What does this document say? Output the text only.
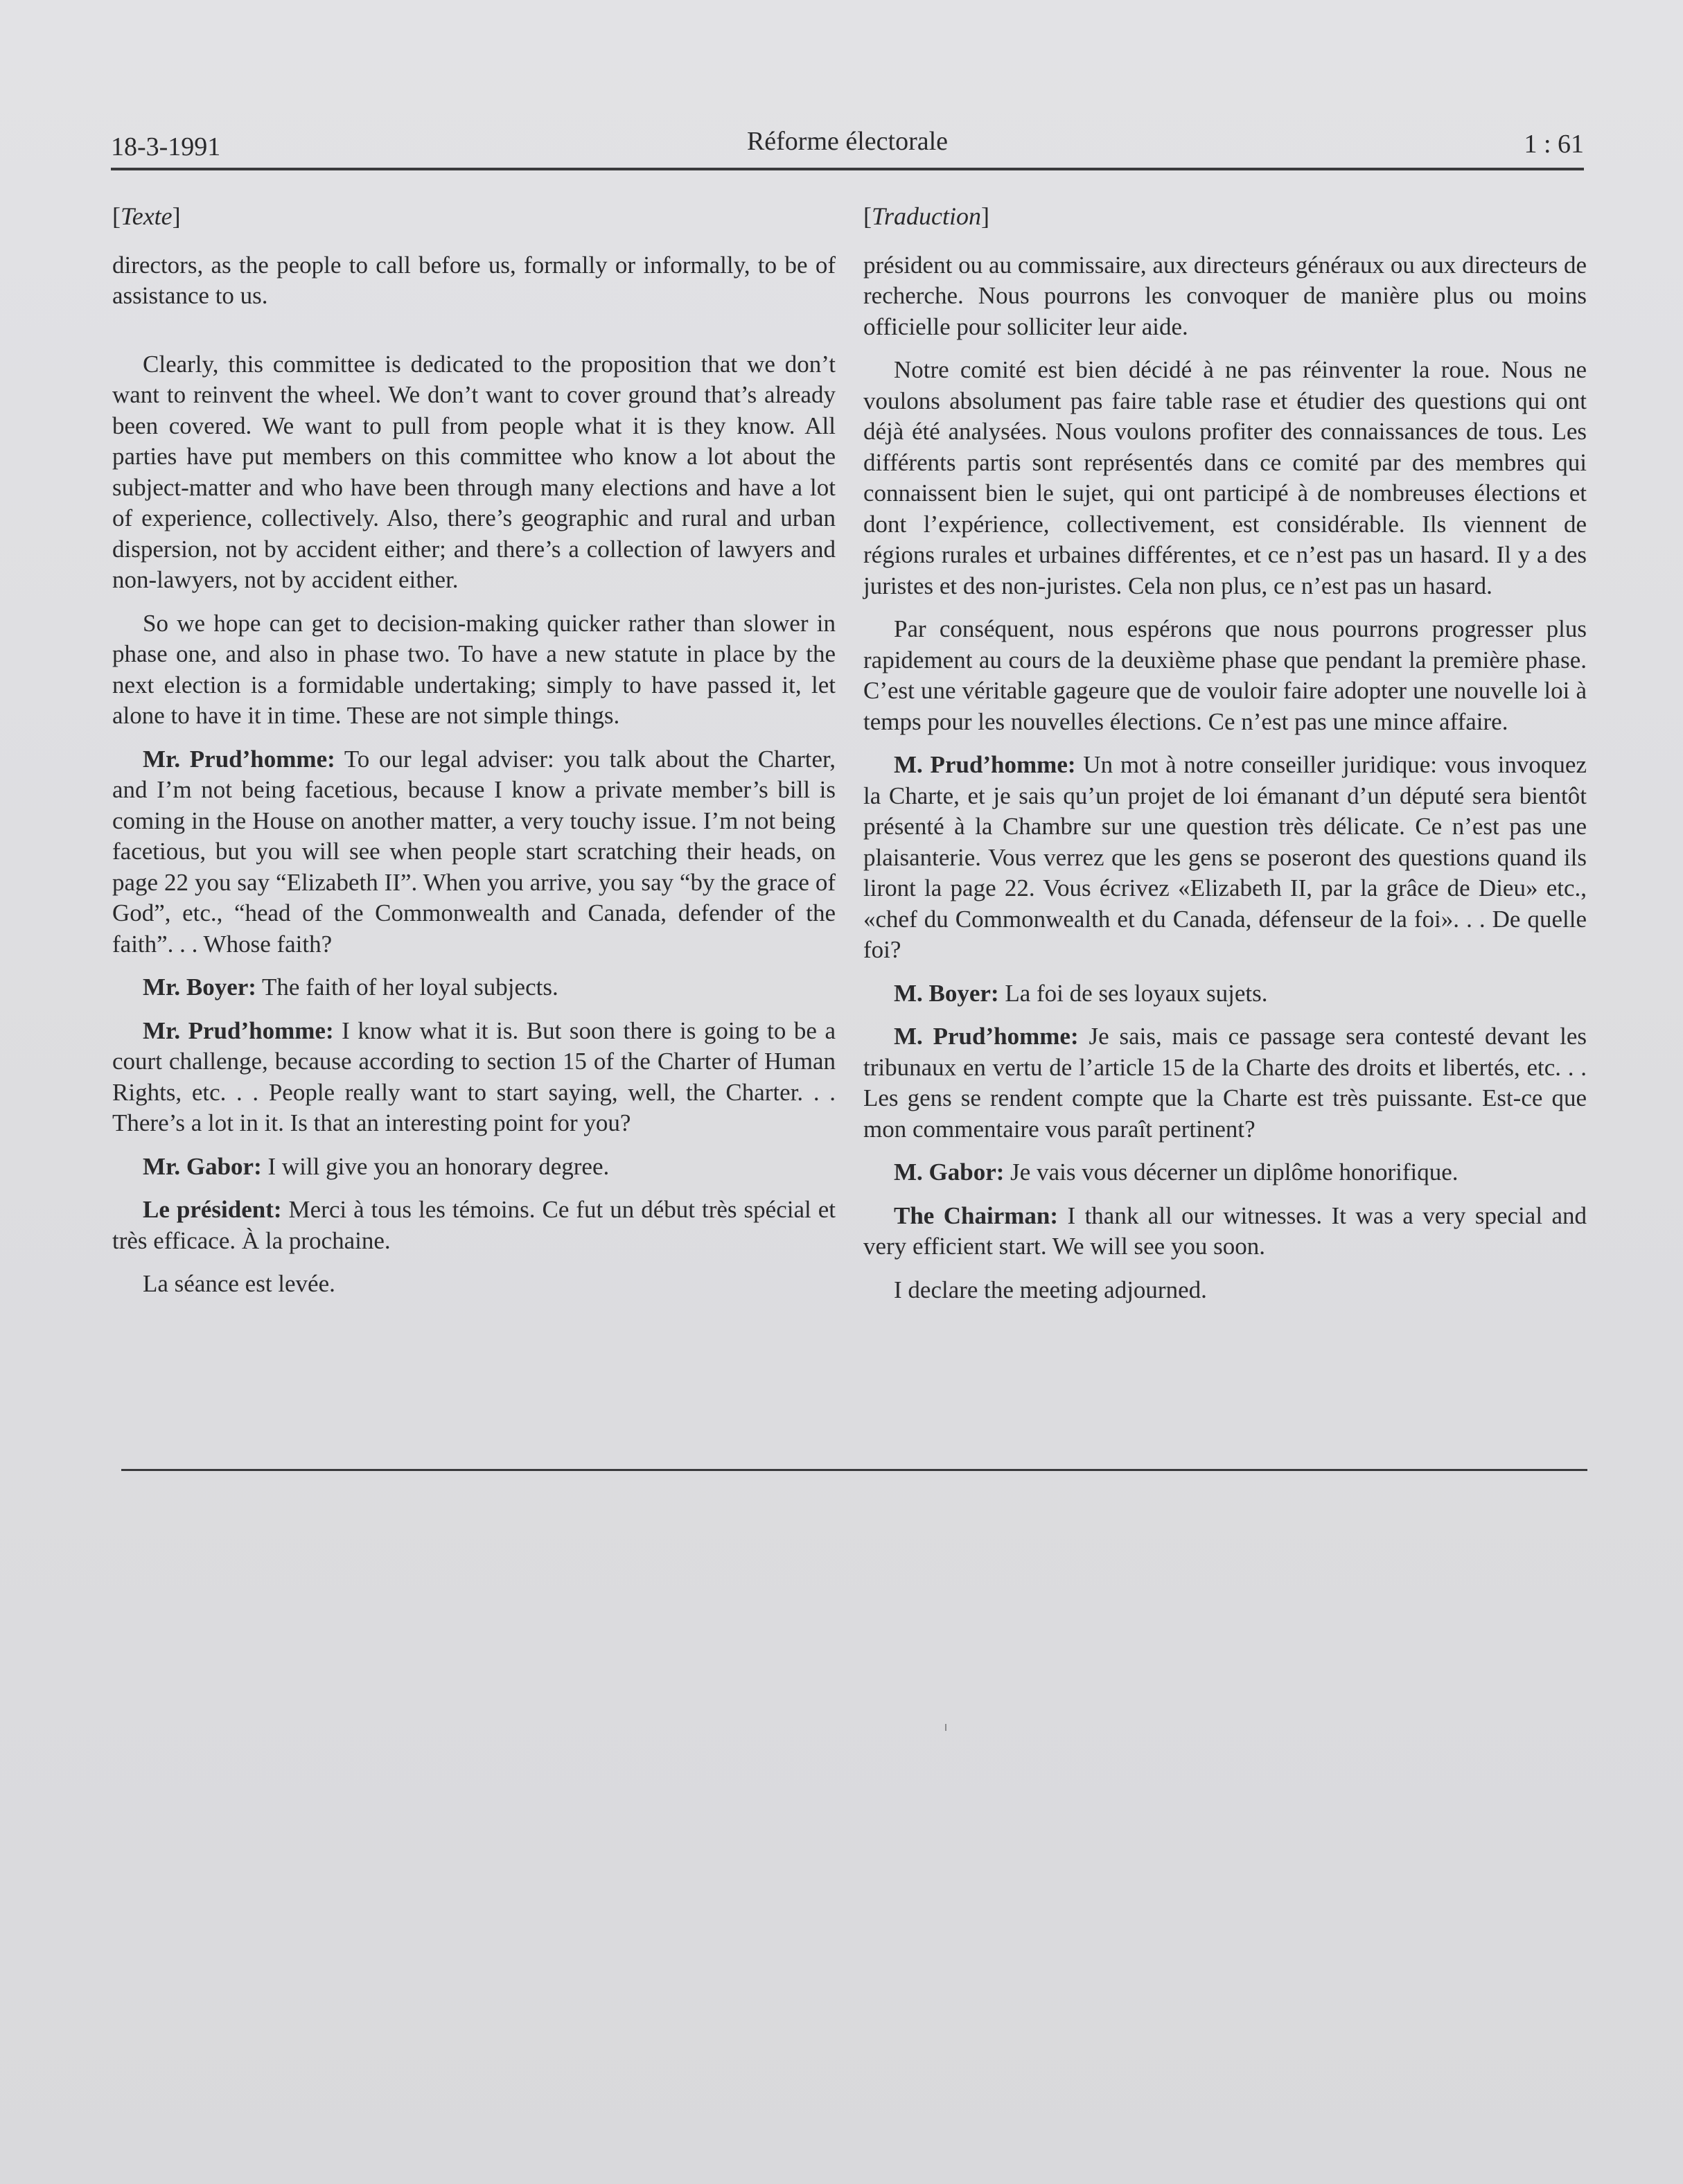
18-3-1991	Réforme électorale	1 : 61
[Texte]

directors, as the people to call before us, formally or informally, to be of assistance to us.

Clearly, this committee is dedicated to the proposition that we don’t want to reinvent the wheel. We don’t want to cover ground that’s already been covered. We want to pull from people what it is they know. All parties have put members on this committee who know a lot about the subject-matter and who have been through many elections and have a lot of experience, collectively. Also, there’s geographic and rural and urban dispersion, not by accident either; and there’s a collection of lawyers and non-lawyers, not by accident either.

So we hope can get to decision-making quicker rather than slower in phase one, and also in phase two. To have a new statute in place by the next election is a formidable undertaking; simply to have passed it, let alone to have it in time. These are not simple things.

Mr. Prud’homme: To our legal adviser: you talk about the Charter, and I’m not being facetious, because I know a private member’s bill is coming in the House on another matter, a very touchy issue. I’m not being facetious, but you will see when people start scratching their heads, on page 22 you say “Elizabeth II”. When you arrive, you say “by the grace of God”, etc., “head of the Commonwealth and Canada, defender of the faith”. . . Whose faith?

Mr. Boyer: The faith of her loyal subjects.

Mr. Prud’homme: I know what it is. But soon there is going to be a court challenge, because according to section 15 of the Charter of Human Rights, etc. . . People really want to start saying, well, the Charter. . . There’s a lot in it. Is that an interesting point for you?

Mr. Gabor: I will give you an honorary degree.

Le président: Merci à tous les témoins. Ce fut un début très spécial et très efficace. À la prochaine.

La séance est levée.

[Traduction]

président ou au commissaire, aux directeurs généraux ou aux directeurs de recherche. Nous pourrons les convoquer de manière plus ou moins officielle pour solliciter leur aide.

Notre comité est bien décidé à ne pas réinventer la roue. Nous ne voulons absolument pas faire table rase et étudier des questions qui ont déjà été analysées. Nous voulons profiter des connaissances de tous. Les différents partis sont représentés dans ce comité par des membres qui connaissent bien le sujet, qui ont participé à de nombreuses élections et dont l’expérience, collectivement, est considérable. Ils viennent de régions rurales et urbaines différentes, et ce n’est pas un hasard. Il y a des juristes et des non-juristes. Cela non plus, ce n’est pas un hasard.

Par conséquent, nous espérons que nous pourrons progresser plus rapidement au cours de la deuxième phase que pendant la première phase. C’est une véritable gageure que de vouloir faire adopter une nouvelle loi à temps pour les nouvelles élections. Ce n’est pas une mince affaire.

M. Prud’homme: Un mot à notre conseiller juridique: vous invoquez la Charte, et je sais qu’un projet de loi émanant d’un député sera bientôt présenté à la Chambre sur une question très délicate. Ce n’est pas une plaisanterie. Vous verrez que les gens se poseront des questions quand ils liront la page 22. Vous écrivez «Elizabeth II, par la grâce de Dieu» etc., «chef du Commonwealth et du Canada, défenseur de la foi». . . De quelle foi?

M. Boyer: La foi de ses loyaux sujets.

M. Prud’homme: Je sais, mais ce passage sera contesté devant les tribunaux en vertu de l’article 15 de la Charte des droits et libertés, etc. . . Les gens se rendent compte que la Charte est très puissante. Est-ce que mon commentaire vous paraît pertinent?

M. Gabor: Je vais vous décerner un diplôme honorifique.

The Chairman: I thank all our witnesses. It was a very special and very efficient start. We will see you soon.

I declare the meeting adjourned.
